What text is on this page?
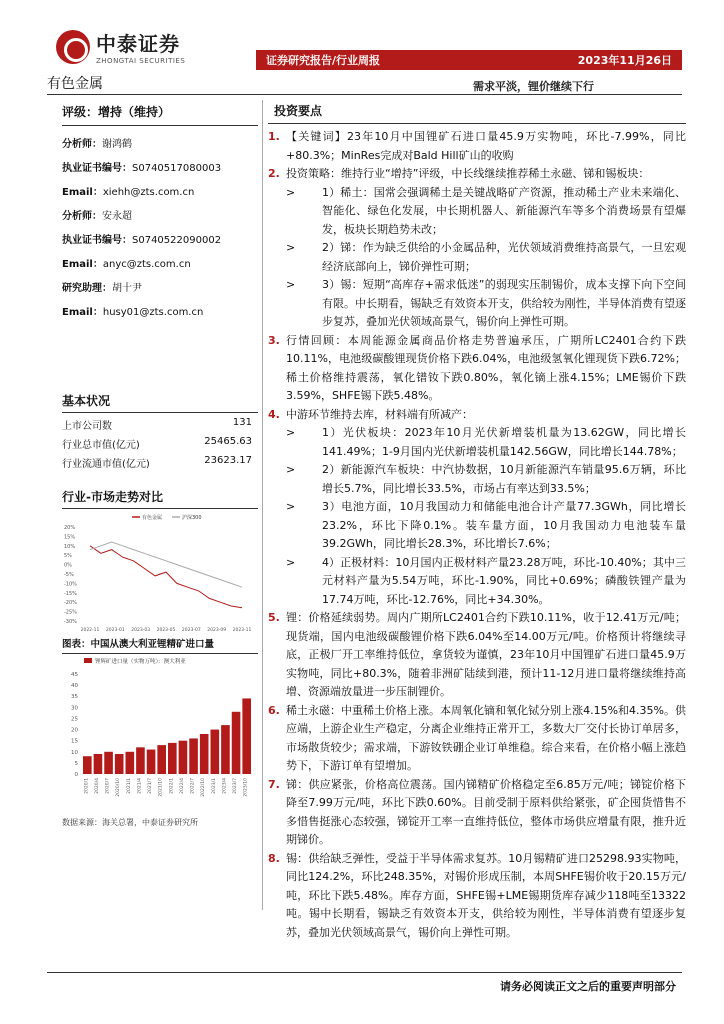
中泰证券
ZHONGTAI SECURITIES	证券研究报告/行业周报	2023年11月26日
有色金属	需求平淡，锂价继续下行
评级：增持（维持）
分析师：谢鸿鹤
执业证书编号：S0740517080003
Email：xiehh@zts.com.cn
分析师：安永超
执业证书编号：S0740522090002
Email：anyc@zts.com.cn
研究助理：胡十尹
Email：husy01@zts.com.cn
基本状况
上市公司数	131
行业总市值(亿元)	25465.63
行业流通市值(亿元)	23623.17
行业-市场走势对比
20%
15%
10%
5%
0%
-5%
-10%
-15%
-20%
-25%
-30%
有色金属	沪深300
2022-11 2023-01 2023-03 2023-05 2023-07 2023-09 2023-11
图表：中国从澳大利亚锂精矿进口量
锂辉矿进口量（实物万吨）：澳大利亚
45
40
35
30
25
20
15
10
5
0
2020/1 2020/4 2020/7 2020/10 2021/1 2021/4 2021/7 2021/10 2022/1 2022/4 2022/7 2022/10 2023/1 2023/4 2023/7 2023/10
数据来源：海关总署，中泰证券研究所
投资要点
1. 【关键词】23年10月中国锂矿石进口量45.9万实物吨，环比-7.99%，同比+80.3%；MinRes完成对Bald Hill矿山的收购
2. 投资策略：维持行业“增持”评级，中长线继续推荐稀土永磁、锑和锡板块：
>	1）稀土：国常会强调稀土是关键战略矿产资源，推动稀土产业未来端化、智能化、绿色化发展，中长期机器人、新能源汽车等多个消费场景有望爆发，板块长期趋势未改；
>	2）锑：作为缺乏供给的小金属品种，光伏领域消费维持高景气，一旦宏观经济底部向上，锑价弹性可期；
>	3）锡：短期“高库存+需求低迷”的弱现实压制锡价，成本支撑下向下空间有限。中长期看，锡缺乏有效资本开支，供给较为刚性，半导体消费有望逐步复苏，叠加光伏领域高景气，锡价向上弹性可期。
3. 行情回顾：本周能源金属商品价格走势普遍承压，广期所LC2401合约下跌10.11%，电池级碳酸锂现货价格下跌6.04%，电池级氢氧化锂现货下跌6.72%；稀土价格维持震荡，氧化镨钕下跌0.80%，氧化镝上涨4.15%；LME锡价下跌3.59%，SHFE锡下跌5.48%。
4. 中游环节维持去库，材料端有所减产：
>	1）光伏板块：2023年10月光伏新增装机量为13.62GW，同比增长141.49%；1-9月国内光伏新增装机量142.56GW，同比增长144.78%；
>	2）新能源汽车板块：中汽协数据，10月新能源汽车销量95.6万辆，环比增长5.7%，同比增长33.5%，市场占有率达到33.5%；
>	3）电池方面，10月我国动力和储能电池合计产量77.3GWh，同比增长23.2%，环比下降0.1%。装车量方面，10月我国动力电池装车量39.2GWh，同比增长28.3%，环比增长7.6%；
>	4）正极材料：10月国内正极材料产量23.28万吨，环比-10.40%；其中三元材料产量为5.54万吨，环比-1.90%，同比+0.69%；磷酸铁锂产量为17.74万吨，环比-12.76%，同比+34.30%。
5. 锂：价格延续弱势。周内广期所LC2401合约下跌10.11%，收于12.41万元/吨；现货端，国内电池级碳酸锂价格下跌6.04%至14.00万元/吨。价格预计将继续寻底，正极厂开工率维持低位，拿货较为谨慎，23年10月中国锂矿石进口量45.9万实物吨，同比+80.3%，随着非洲矿陆续到港，预计11-12月进口量将继续维持高增、资源端放量进一步压制锂价。
6. 稀土永磁：中重稀土价格上涨。本周氧化镝和氧化铽分别上涨4.15%和4.35%。供应端，上游企业生产稳定，分离企业维持正常开工，多数大厂交付长协订单居多，市场散货较少；需求端，下游钕铁硼企业订单维稳。综合来看，在价格小幅上涨趋势下，下游订单有望增加。
7. 锑：供应紧张，价格高位震荡。国内锑精矿价格稳定至6.85万元/吨；锑锭价格下降至7.99万元/吨，环比下跌0.60%。目前受制于原料供给紧张，矿企囤货惜售不多惜售挺涨心态较强，锑锭开工率一直维持低位，整体市场供应增量有限，推升近期锑价。
8. 锡：供给缺乏弹性，受益于半导体需求复苏。10月锡精矿进口25298.93实物吨，同比124.2%，环比248.35%，对锡价形成压制，本周SHFE锡价收于20.15万元/吨，环比下跌5.48%。库存方面，SHFE锡+LME锡期货库存减少118吨至13322吨。锡中长期看，锡缺乏有效资本开支，供给较为刚性，半导体消费有望逐步复苏，叠加光伏领域高景气，锡价向上弹性可期。
请务必阅读正文之后的重要声明部分
